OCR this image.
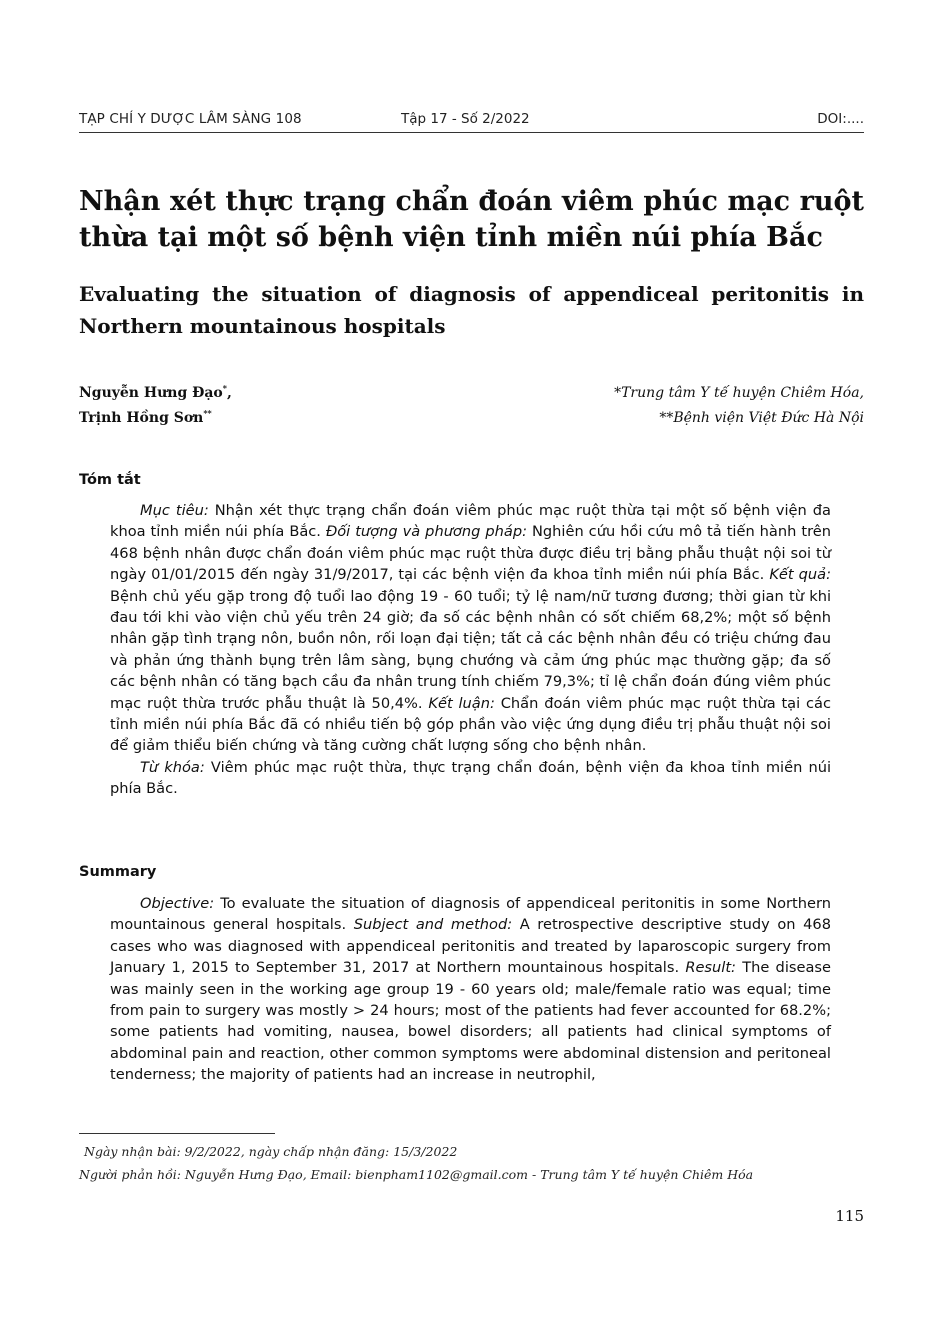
TẠP CHÍ Y DƯỢC LÂM SÀNG 108	Tập 17 - Số 2/2022	DOI:....
Nhận xét thực trạng chẩn đoán viêm phúc mạc ruột thừa tại một số bệnh viện tỉnh miền núi phía Bắc
Evaluating the situation of diagnosis of appendiceal peritonitis in Northern mountainous hospitals
Nguyễn Hưng Đạo*,
Trịnh Hồng Sơn**
*Trung tâm Y tế huyện Chiêm Hóa,
**Bệnh viện Việt Đức Hà Nội
Tóm tắt

Mục tiêu: Nhận xét thực trạng chẩn đoán viêm phúc mạc ruột thừa tại một số bệnh viện đa khoa tỉnh miền núi phía Bắc. Đối tượng và phương pháp: Nghiên cứu hồi cứu mô tả tiến hành trên 468 bệnh nhân được chẩn đoán viêm phúc mạc ruột thừa được điều trị bằng phẫu thuật nội soi từ ngày 01/01/2015 đến ngày 31/9/2017, tại các bệnh viện đa khoa tỉnh miền núi phía Bắc. Kết quả: Bệnh chủ yếu gặp trong độ tuổi lao động 19 - 60 tuổi; tỷ lệ nam/nữ tương đương; thời gian từ khi đau tới khi vào viện chủ yếu trên 24 giờ; đa số các bệnh nhân có sốt chiếm 68,2%; một số bệnh nhân gặp tình trạng nôn, buồn nôn, rối loạn đại tiện; tất cả các bệnh nhân đều có triệu chứng đau và phản ứng thành bụng trên lâm sàng, bụng chướng và cảm ứng phúc mạc thường gặp; đa số các bệnh nhân có tăng bạch cầu đa nhân trung tính chiếm 79,3%; tỉ lệ chẩn đoán đúng viêm phúc mạc ruột thừa trước phẫu thuật là 50,4%. Kết luận: Chẩn đoán viêm phúc mạc ruột thừa tại các tỉnh miền núi phía Bắc đã có nhiều tiến bộ góp phần vào việc ứng dụng điều trị phẫu thuật nội soi để giảm thiểu biến chứng và tăng cường chất lượng sống cho bệnh nhân.

Từ khóa: Viêm phúc mạc ruột thừa, thực trạng chẩn đoán, bệnh viện đa khoa tỉnh miền núi phía Bắc.

Summary

Objective: To evaluate the situation of diagnosis of appendiceal peritonitis in some Northern mountainous general hospitals. Subject and method: A retrospective descriptive study on 468 cases who was diagnosed with appendiceal peritonitis and treated by laparoscopic surgery from January 1, 2015 to September 31, 2017 at Northern mountainous hospitals. Result: The disease was mainly seen in the working age group 19 - 60 years old; male/female ratio was equal; time from pain to surgery was mostly > 24 hours; most of the patients had fever accounted for 68.2%; some patients had vomiting, nausea, bowel disorders; all patients had clinical symptoms of abdominal pain and reaction, other common symptoms were abdominal distension and peritoneal tenderness; the majority of patients had an increase in neutrophil,

Ngày nhận bài: 9/2/2022, ngày chấp nhận đăng: 15/3/2022
Người phản hồi: Nguyễn Hưng Đạo, Email: bienpham1102@gmail.com - Trung tâm Y tế huyện Chiêm Hóa
115
